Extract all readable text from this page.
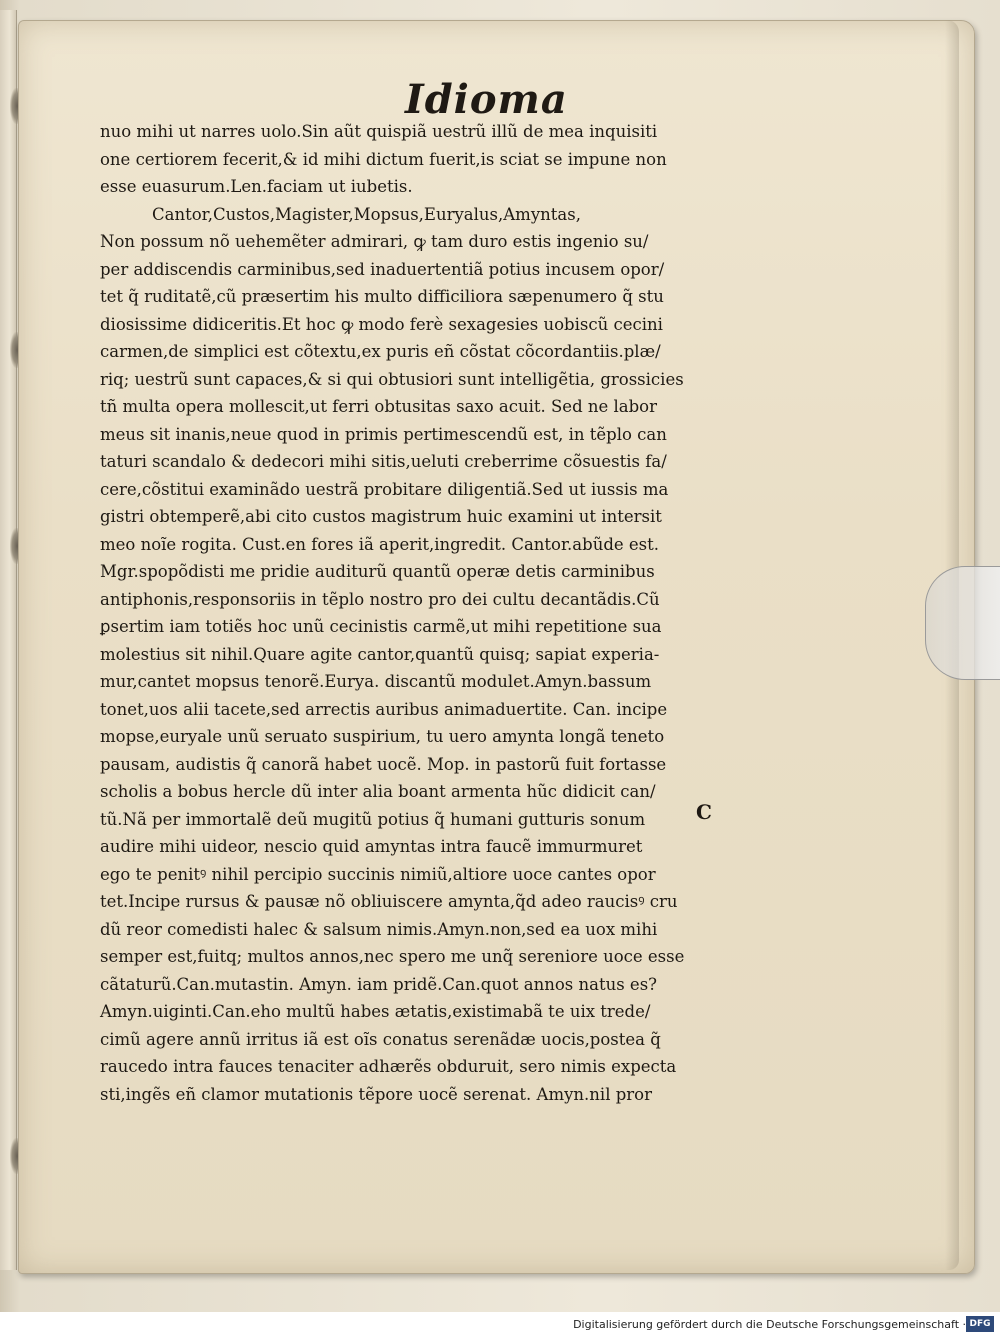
Idioma
nuo mihi ut narres uolo.Sin aũt quispiã uestrũ illũ de mea inquisiti
one certiorem fecerit,& id mihi dictum fuerit,is sciat se impune non
esse euasurum.Len.faciam ut iubetis.
Cantor,Custos,Magister,Mopsus,Euryalus,Amyntas,
Non possum nõ uehemẽter admirari, ꝙ tam duro estis ingenio su/
per addiscendis carminibus,sed inaduertentiã potius incusem opor/
tet q̃ ruditatẽ,cũ præsertim his multo difficiliora sæpenumero q̃ stu
diosissime didiceritis.Et hoc ꝙ modo ferè sexagesies uobiscũ cecini
carmen,de simplici est cõtextu,ex puris eñ cõstat cõcordantiis.plæ/
riq; uestrũ sunt capaces,& si qui obtusiori sunt intelligẽtia, grossicies
tñ multa opera mollescit,ut ferri obtusitas saxo acuit. Sed ne labor
meus sit inanis,neue quod in primis pertimescendũ est, in tẽplo can
taturi scandalo & dedecori mihi sitis,ueluti creberrime cõsuestis fa/
cere,cõstitui examinãdo uestrã probitare diligentiã.Sed ut iussis ma
gistri obtemperẽ,abi cito custos magistrum huic examini ut intersit
meo noĩe rogita. Cust.en fores iã aperit,ingredit. Cantor.abũde est.
Mgr.spopõdisti me pridie auditurũ quantũ operæ detis carminibus
antiphonis,responsoriis in tẽplo nostro pro dei cultu decantãdis.Cũ
ꝑsertim iam totiẽs hoc unũ cecinistis carmẽ,ut mihi repetitione sua
molestius sit nihil.Quare agite cantor,quantũ quisq; sapiat experia-
mur,cantet mopsus tenorẽ.Eurya. discantũ modulet.Amyn.bassum
tonet,uos alii tacete,sed arrectis auribus animaduertite. Can. incipe
mopse,euryale unũ seruato suspirium, tu uero amynta longã teneto
pausam, audistis q̃ canorã habet uocẽ. Mop. in pastorũ fuit fortasse
scholis a bobus hercle dũ inter alia boant armenta hũc didicit can/
tũ.Nã per immortalẽ deũ mugitũ potius q̃ humani gutturis sonum
audire mihi uideor, nescio quid amyntas intra faucẽ immurmuret
ego te penitꝰ nihil percipio succinis nimiũ,altiore uoce cantes opor
tet.Incipe rursus & pausæ nõ obliuiscere amynta,q̃d adeo raucisꝰ cru
dũ reor comedisti halec & salsum nimis.Amyn.non,sed ea uox mihi
semper est,fuitq; multos annos,nec spero me unq̃ sereniore uoce esse
cãtaturũ.Can.mutastin. Amyn. iam pridẽ.Can.quot annos natus es?
Amyn.uiginti.Can.eho multũ habes ætatis,existimabã te uix trede/
cimũ agere annũ irritus iã est oĩs conatus serenãdæ uocis,postea q̃
raucedo intra fauces tenaciter adhærẽs obduruit, sero nimis expecta
sti,ingẽs eñ clamor mutationis tẽpore uocẽ serenat. Amyn.nil pror
C
Digitalisierung gefördert durch die Deutsche Forschungsgemeinschaft · DFG
